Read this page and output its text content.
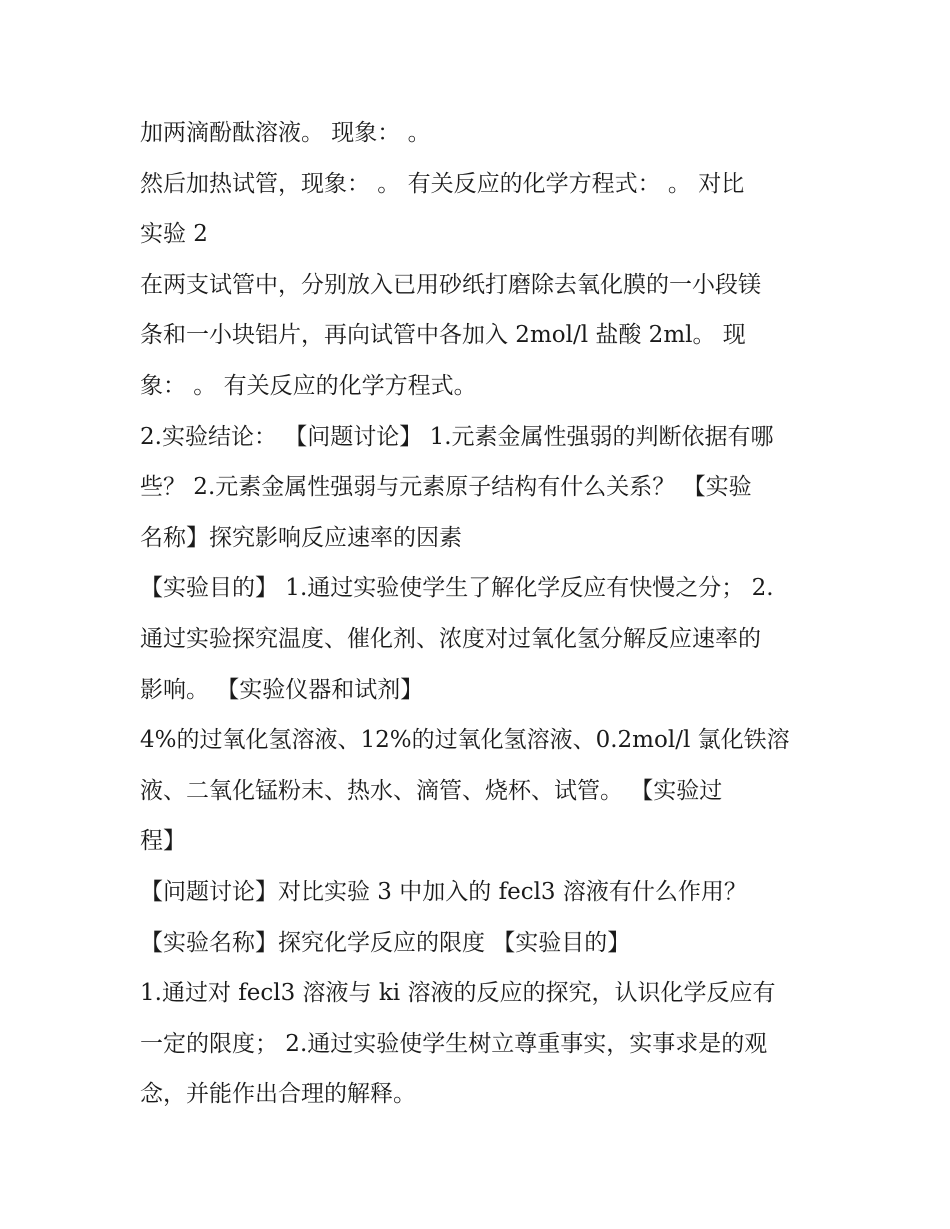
加两滴酚酞溶液。 现象： 。
然后加热试管，现象： 。 有关反应的化学方程式： 。 对比
实验 2
在两支试管中，分别放入已用砂纸打磨除去氧化膜的一小段镁
条和一小块铝片，再向试管中各加入 2mol/l 盐酸 2ml。 现
象： 。 有关反应的化学方程式。
2.实验结论： 【问题讨论】 1.元素金属性强弱的判断依据有哪
些？ 2.元素金属性强弱与元素原子结构有什么关系？ 【实验
名称】探究影响反应速率的因素
【实验目的】 1.通过实验使学生了解化学反应有快慢之分； 2.
通过实验探究温度、催化剂、浓度对过氧化氢分解反应速率的
影响。 【实验仪器和试剂】
4%的过氧化氢溶液、12%的过氧化氢溶液、0.2mol/l 氯化铁溶
液、二氧化锰粉末、热水、滴管、烧杯、试管。 【实验过
程】
【问题讨论】对比实验 3 中加入的 fecl3 溶液有什么作用？
【实验名称】探究化学反应的限度 【实验目的】
1.通过对 fecl3 溶液与 ki 溶液的反应的探究，认识化学反应有
一定的限度； 2.通过实验使学生树立尊重事实，实事求是的观
念，并能作出合理的解释。
